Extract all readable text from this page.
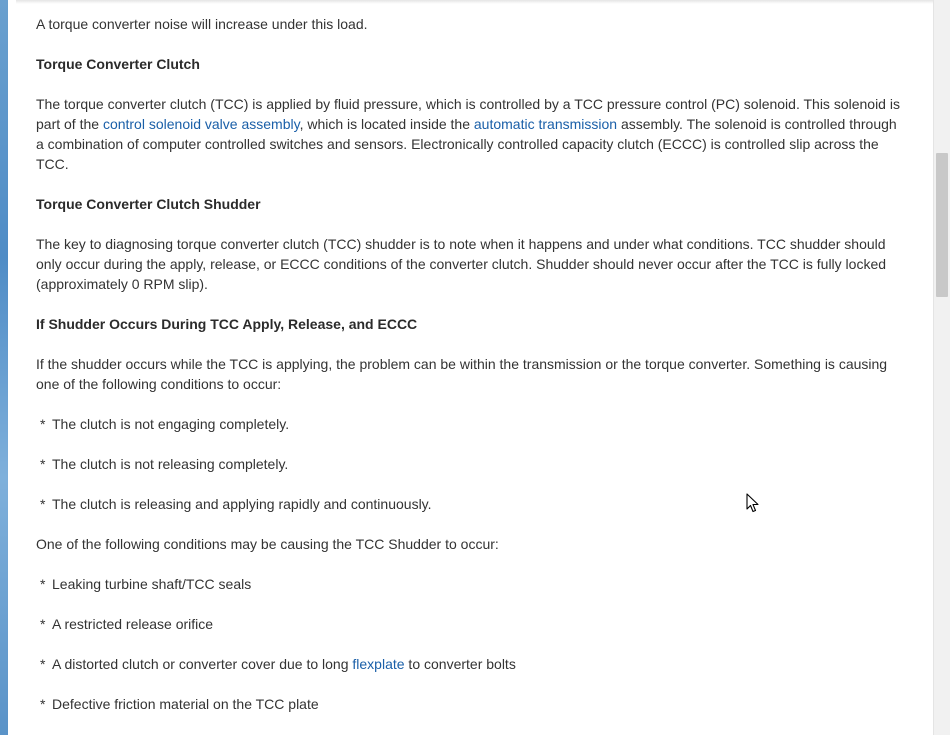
A torque converter noise will increase under this load.

Torque Converter Clutch

The torque converter clutch (TCC) is applied by fluid pressure, which is controlled by a TCC pressure control (PC) solenoid. This solenoid is part of the control solenoid valve assembly, which is located inside the automatic transmission assembly. The solenoid is controlled through a combination of computer controlled switches and sensors. Electronically controlled capacity clutch (ECCC) is controlled slip across the TCC.

Torque Converter Clutch Shudder

The key to diagnosing torque converter clutch (TCC) shudder is to note when it happens and under what conditions. TCC shudder should only occur during the apply, release, or ECCC conditions of the converter clutch. Shudder should never occur after the TCC is fully locked (approximately 0 RPM slip).

If Shudder Occurs During TCC Apply, Release, and ECCC

If the shudder occurs while the TCC is applying, the problem can be within the transmission or the torque converter. Something is causing one of the following conditions to occur:

* The clutch is not engaging completely.
* The clutch is not releasing completely.
* The clutch is releasing and applying rapidly and continuously.

One of the following conditions may be causing the TCC Shudder to occur:

* Leaking turbine shaft/TCC seals
* A restricted release orifice
* A distorted clutch or converter cover due to long flexplate to converter bolts
* Defective friction material on the TCC plate
